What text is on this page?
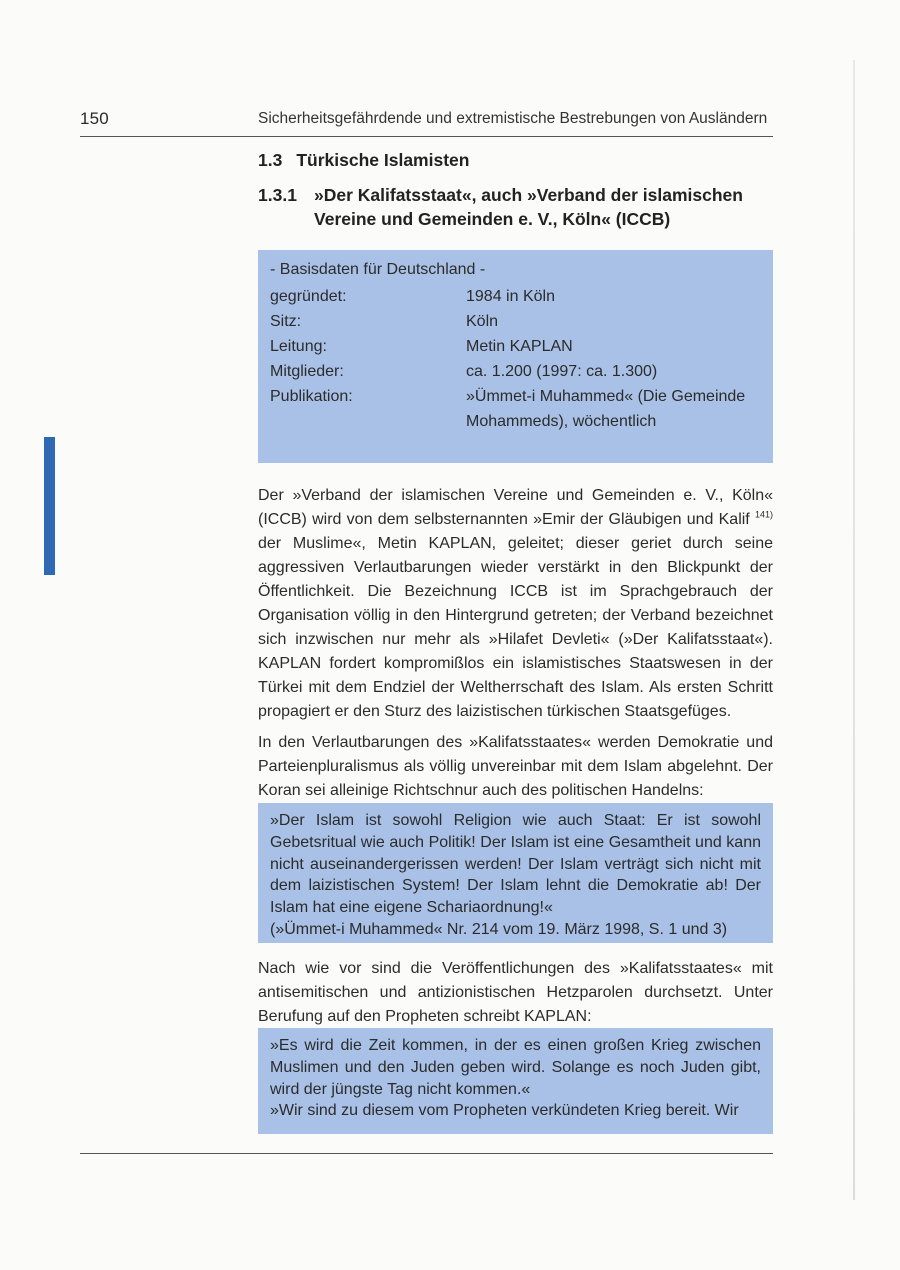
150	Sicherheitsgefährdende und extremistische Bestrebungen von Ausländern
1.3 Türkische Islamisten
1.3.1 »Der Kalifatsstaat«, auch »Verband der islamischen Vereine und Gemeinden e. V., Köln« (ICCB)
- Basisdaten für Deutschland -
gegründet:	1984 in Köln
Sitz:	Köln
Leitung:	Metin KAPLAN
Mitglieder:	ca. 1.200 (1997: ca. 1.300)
Publikation:	»Ümmet-i Muhammed« (Die Gemeinde Mohammeds), wöchentlich
Der »Verband der islamischen Vereine und Gemeinden e. V., Köln« (ICCB) wird von dem selbsternannten »Emir der Gläubigen und Kalif $^{141)}$ der Muslime«, Metin KAPLAN, geleitet; dieser geriet durch seine aggressiven Verlautbarungen wieder verstärkt in den Blickpunkt der Öffentlichkeit. Die Bezeichnung ICCB ist im Sprachgebrauch der Organisation völlig in den Hintergrund getreten; der Verband bezeichnet sich inzwischen nur mehr als »Hilafet Devleti« (»Der Kalifatsstaat«). KAPLAN fordert kompromißlos ein islamistisches Staatswesen in der Türkei mit dem Endziel der Weltherrschaft des Islam. Als ersten Schritt propagiert er den Sturz des laizistischen türkischen Staatsgefüges.
In den Verlautbarungen des »Kalifatsstaates« werden Demokratie und Parteienpluralismus als völlig unvereinbar mit dem Islam abgelehnt. Der Koran sei alleinige Richtschnur auch des politischen Handelns:
»Der Islam ist sowohl Religion wie auch Staat: Er ist sowohl Gebetsritual wie auch Politik! Der Islam ist eine Gesamtheit und kann nicht auseinandergerissen werden! Der Islam verträgt sich nicht mit dem laizistischen System! Der Islam lehnt die Demokratie ab! Der Islam hat eine eigene Schariaordnung!«
(»Ümmet-i Muhammed« Nr. 214 vom 19. März 1998, S. 1 und 3)
Nach wie vor sind die Veröffentlichungen des »Kalifatsstaates« mit antisemitischen und antizionistischen Hetzparolen durchsetzt. Unter Berufung auf den Propheten schreibt KAPLAN:
»Es wird die Zeit kommen, in der es einen großen Krieg zwischen Muslimen und den Juden geben wird. Solange es noch Juden gibt, wird der jüngste Tag nicht kommen.«
»Wir sind zu diesem vom Propheten verkündeten Krieg bereit. Wir
